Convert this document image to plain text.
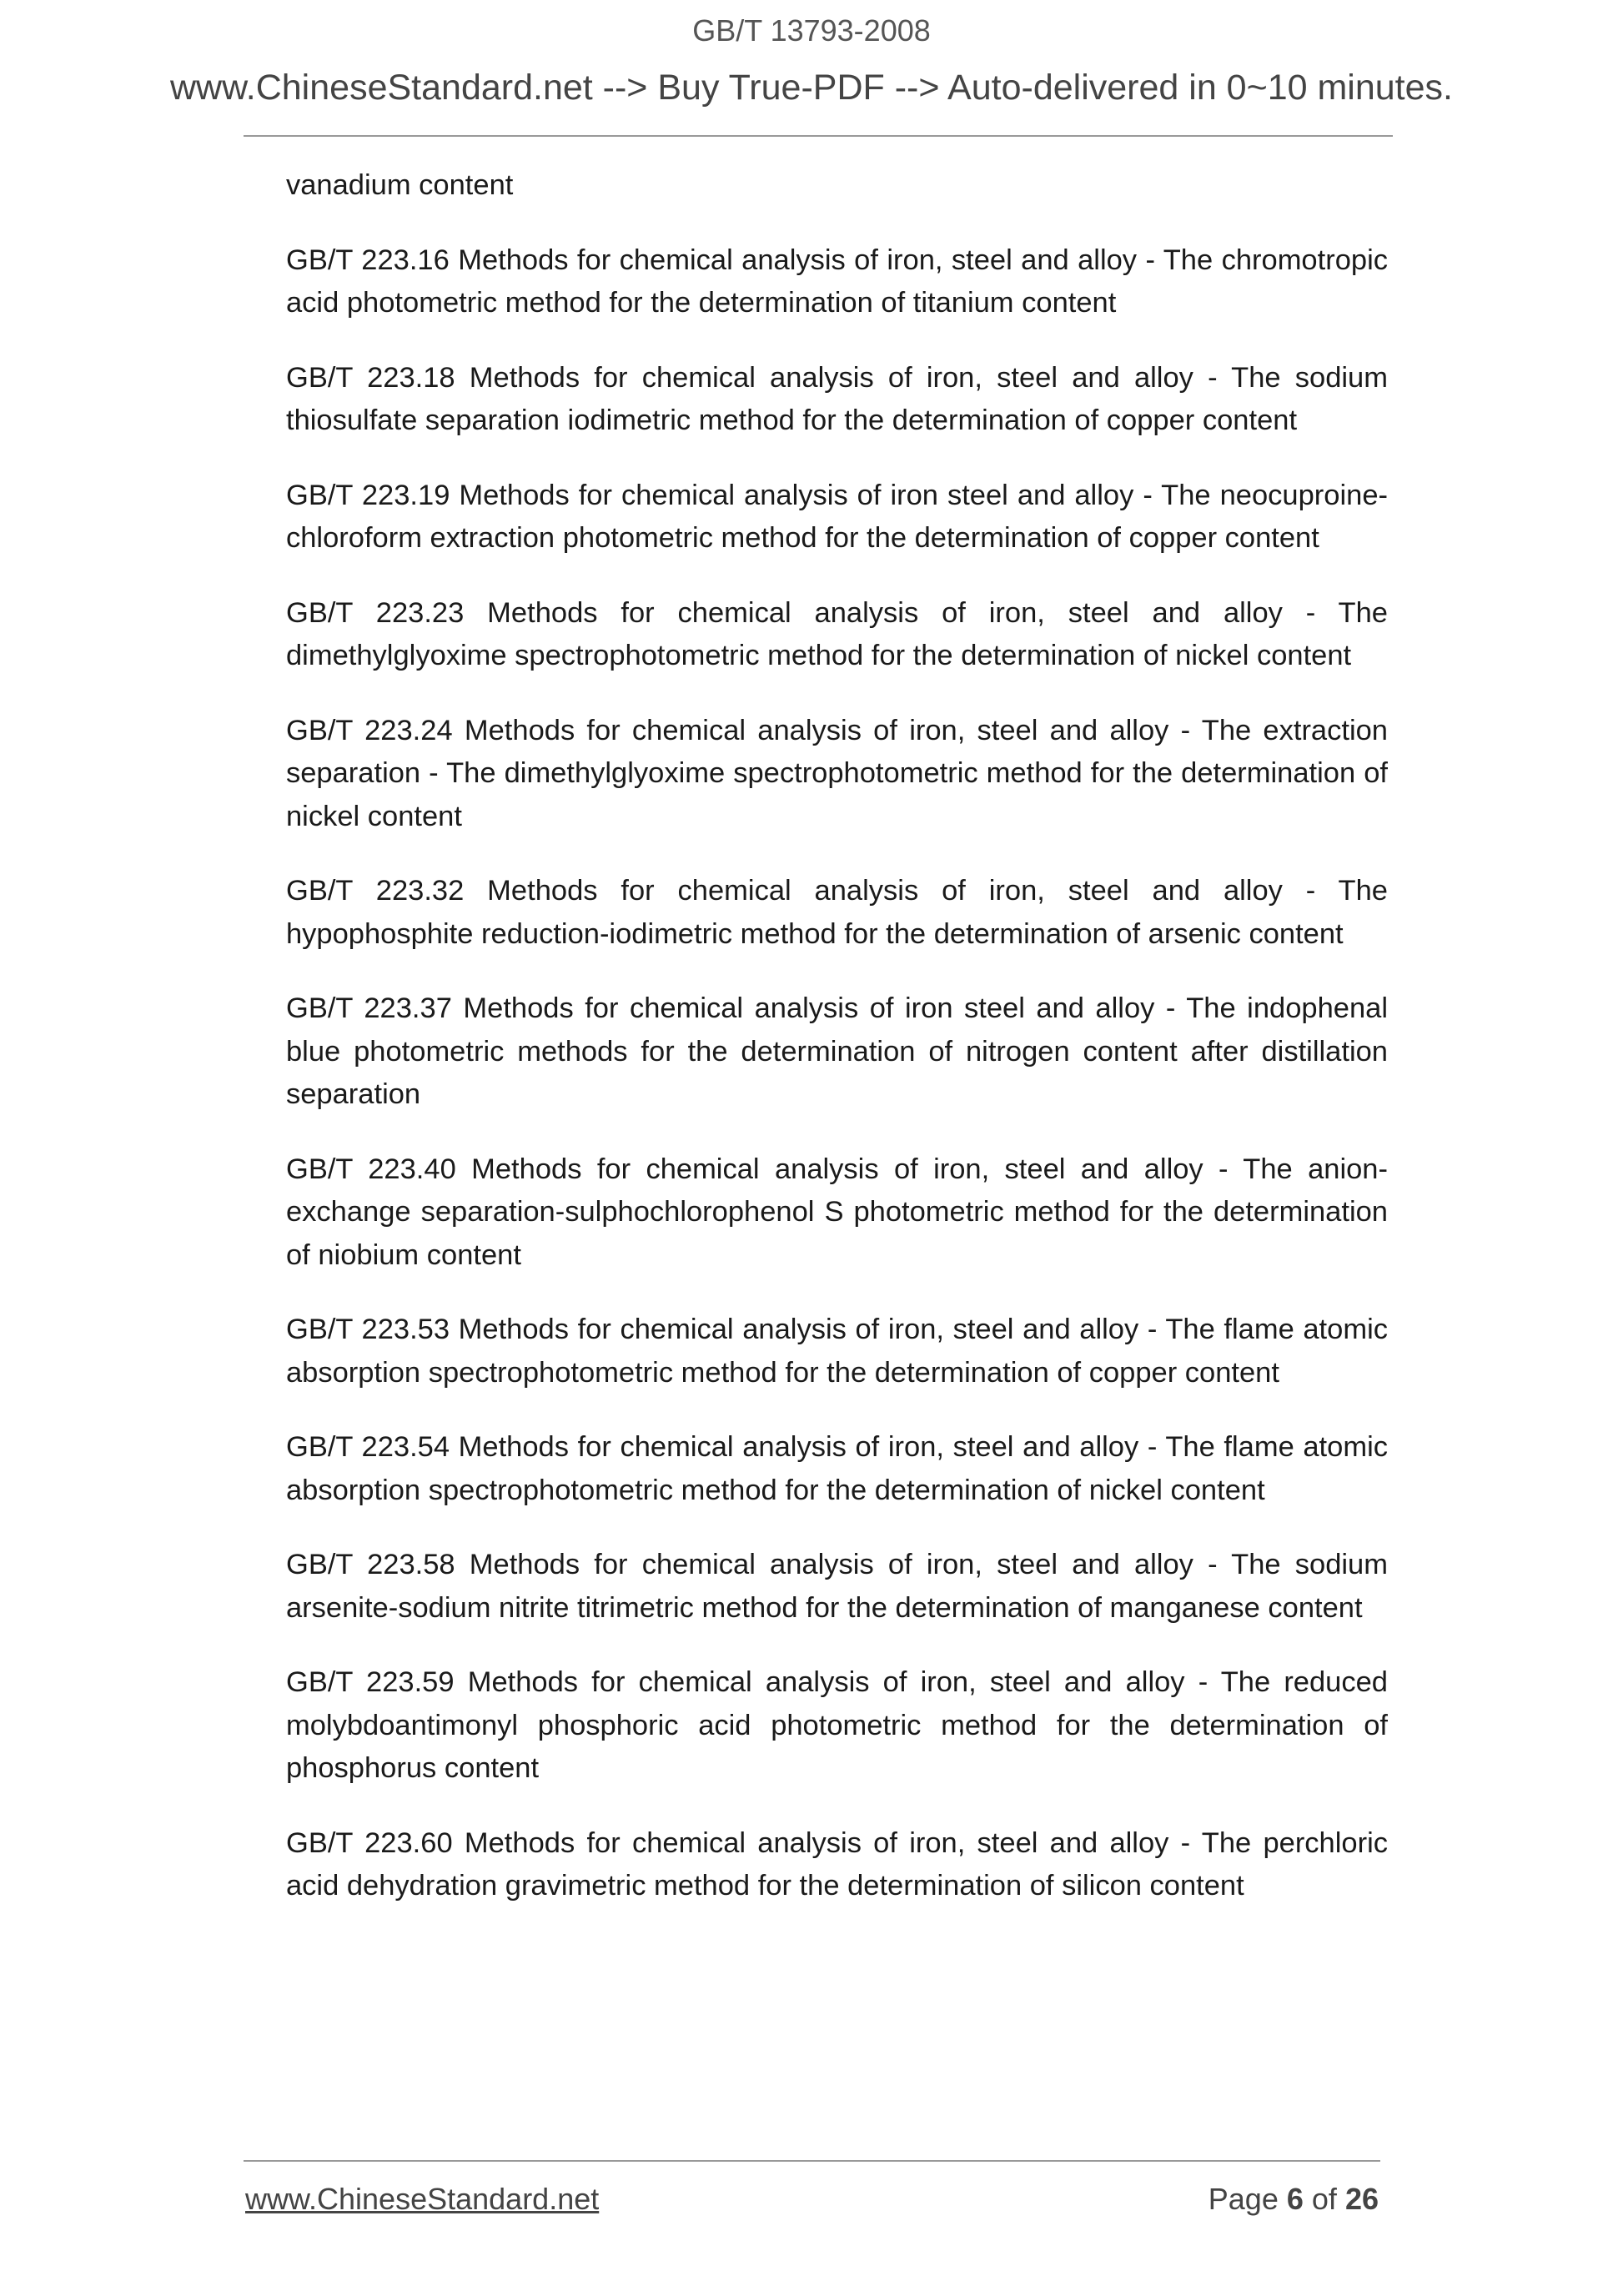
GB/T 13793-2008
www.ChineseStandard.net --> Buy True-PDF --> Auto-delivered in 0~10 minutes.

vanadium content

GB/T 223.16 Methods for chemical analysis of iron, steel and alloy - The chromotropic acid photometric method for the determination of titanium content

GB/T 223.18 Methods for chemical analysis of iron, steel and alloy - The sodium thiosulfate separation iodimetric method for the determination of copper content

GB/T 223.19 Methods for chemical analysis of iron steel and alloy - The neocuproine-chloroform extraction photometric method for the determination of copper content

GB/T 223.23 Methods for chemical analysis of iron, steel and alloy - The dimethylglyoxime spectrophotometric method for the determination of nickel content

GB/T 223.24 Methods for chemical analysis of iron, steel and alloy - The extraction separation - The dimethylglyoxime spectrophotometric method for the determination of nickel content

GB/T 223.32 Methods for chemical analysis of iron, steel and alloy - The hypophosphite reduction-iodimetric method for the determination of arsenic content

GB/T 223.37 Methods for chemical analysis of iron steel and alloy - The indophenal blue photometric methods for the determination of nitrogen content after distillation separation

GB/T 223.40 Methods for chemical analysis of iron, steel and alloy - The anion-exchange separation-sulphochlorophenol S photometric method for the determination of niobium content

GB/T 223.53 Methods for chemical analysis of iron, steel and alloy - The flame atomic absorption spectrophotometric method for the determination of copper content

GB/T 223.54 Methods for chemical analysis of iron, steel and alloy - The flame atomic absorption spectrophotometric method for the determination of nickel content

GB/T 223.58 Methods for chemical analysis of iron, steel and alloy - The sodium arsenite-sodium nitrite titrimetric method for the determination of manganese content

GB/T 223.59 Methods for chemical analysis of iron, steel and alloy - The reduced molybdoantimonyl phosphoric acid photometric method for the determination of phosphorus content

GB/T 223.60 Methods for chemical analysis of iron, steel and alloy - The perchloric acid dehydration gravimetric method for the determination of silicon content

www.ChineseStandard.net	Page 6 of 26
